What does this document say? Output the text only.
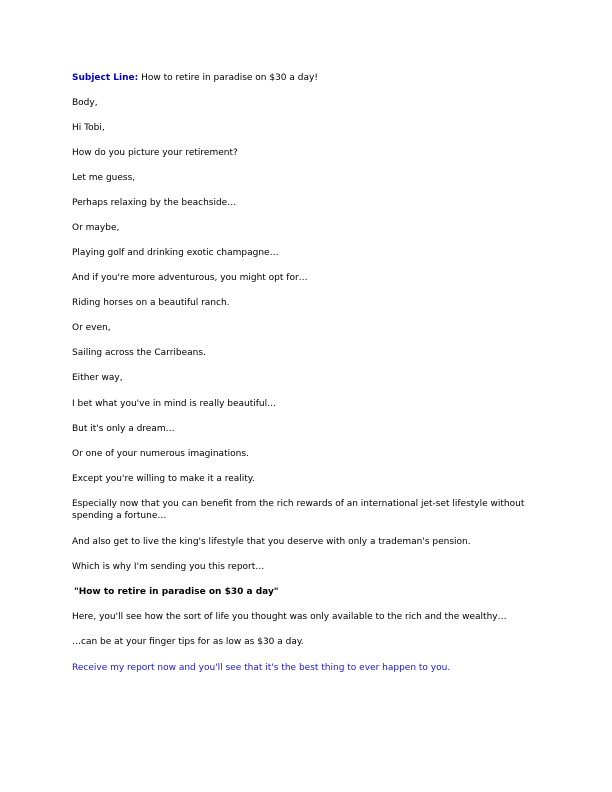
Subject Line: How to retire in paradise on $30 a day!
Body,
Hi Tobi,
How do you picture your retirement?
Let me guess,
Perhaps relaxing by the beachside…
Or maybe,
Playing golf and drinking exotic champagne…
And if you're more adventurous, you might opt for…
Riding horses on a beautiful ranch.
Or even,
Sailing across the Carribeans.
Either way,
I bet what you've in mind is really beautiful…
But it's only a dream…
Or one of your numerous imaginations.
Except you're willing to make it a reality.
Especially now that you can benefit from the rich rewards of an international jet-set lifestyle without spending a fortune…
And also get to live the king's lifestyle that you deserve with only a trademan's pension.
Which is why I'm sending you this report…
"How to retire in paradise on $30 a day"
Here, you'll see how the sort of life you thought was only available to the rich and the wealthy…
…can be at your finger tips for as low as $30 a day.
Receive my report now and you'll see that it's the best thing to ever happen to you.
